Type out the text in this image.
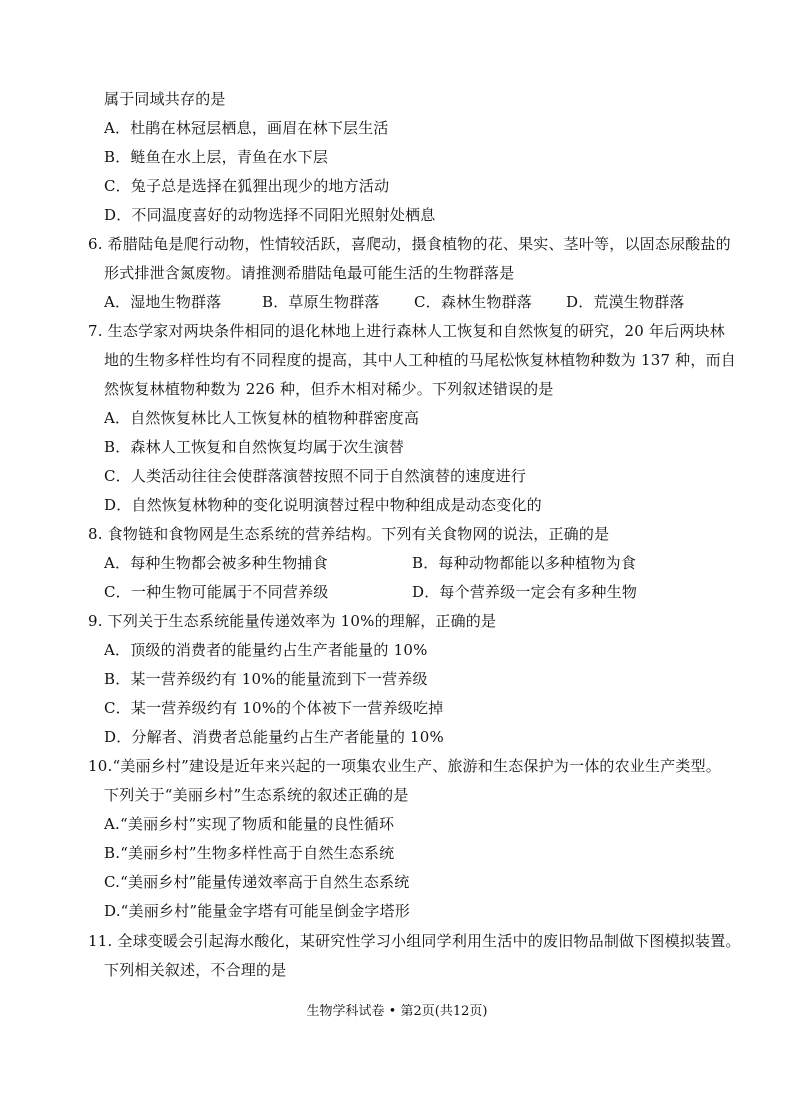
属于同域共存的是
A．杜鹃在林冠层栖息，画眉在林下层生活
B．鲢鱼在水上层，青鱼在水下层
C．兔子总是选择在狐狸出现少的地方活动
D．不同温度喜好的动物选择不同阳光照射处栖息
6. 希腊陆龟是爬行动物，性情较活跃，喜爬动，摄食植物的花、果实、茎叶等，以固态尿酸盐的
形式排泄含氮废物。请推测希腊陆龟最可能生活的生物群落是
A．湿地生物群落	B．草原生物群落 C．森林生物群落 D．荒漠生物群落
7. 生态学家对两块条件相同的退化林地上进行森林人工恢复和自然恢复的研究，20 年后两块林
地的生物多样性均有不同程度的提高，其中人工种植的马尾松恢复林植物种数为 137 种，而自
然恢复林植物种数为 226 种，但乔木相对稀少。下列叙述错误的是
A．自然恢复林比人工恢复林的植物种群密度高
B．森林人工恢复和自然恢复均属于次生演替
C．人类活动往往会使群落演替按照不同于自然演替的速度进行
D．自然恢复林物种的变化说明演替过程中物种组成是动态变化的
8. 食物链和食物网是生态系统的营养结构。下列有关食物网的说法，正确的是
A．每种生物都会被多种生物捕食	B．每种动物都能以多种植物为食
C．一种生物可能属于不同营养级	D．每个营养级一定会有多种生物
9. 下列关于生态系统能量传递效率为 10%的理解，正确的是
A．顶级的消费者的能量约占生产者能量的 10%
B．某一营养级约有 10%的能量流到下一营养级
C．某一营养级约有 10%的个体被下一营养级吃掉
D．分解者、消费者总能量约占生产者能量的 10%
10.“美丽乡村”建设是近年来兴起的一项集农业生产、旅游和生态保护为一体的农业生产类型。
下列关于“美丽乡村”生态系统的叙述正确的是
A.“美丽乡村”实现了物质和能量的良性循环
B.“美丽乡村”生物多样性高于自然生态系统
C.“美丽乡村”能量传递效率高于自然生态系统
D.“美丽乡村”能量金字塔有可能呈倒金字塔形
11. 全球变暖会引起海水酸化，某研究性学习小组同学利用生活中的废旧物品制做下图模拟装置。
下列相关叙述，不合理的是
生物学科试卷 • 第2页(共12页)
